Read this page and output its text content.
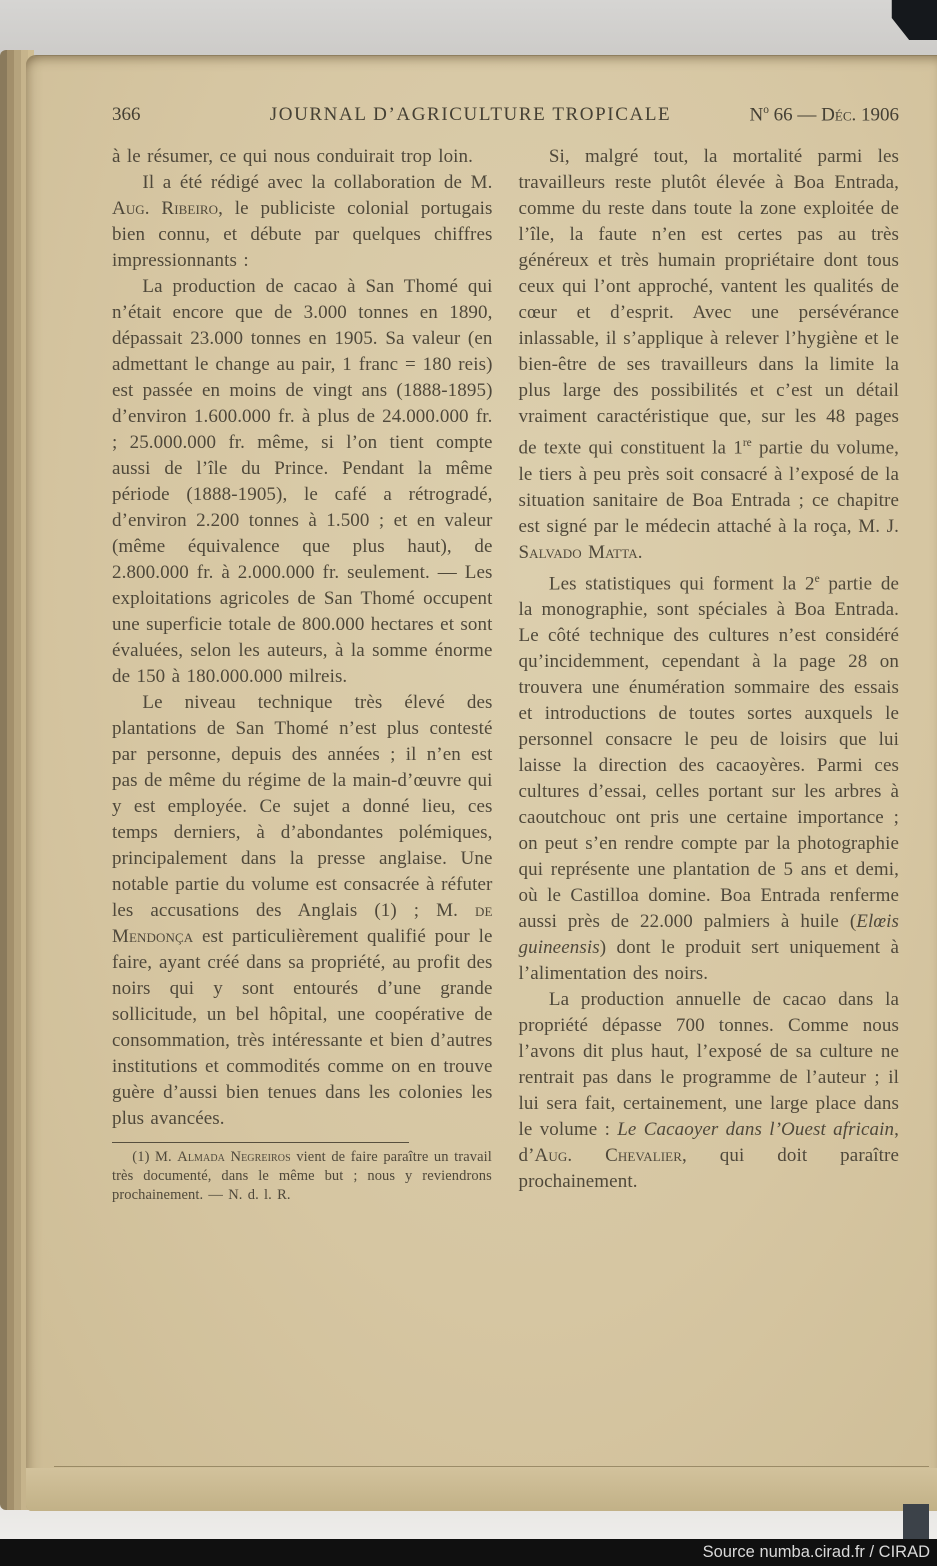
366	JOURNAL D’AGRICULTURE TROPICALE	$N^o$ 66 — Déc. 1906

à le résumer, ce qui nous conduirait trop loin.

Il a été rédigé avec la collaboration de M. Aug. Ribeiro, le publiciste colonial portugais bien connu, et débute par quelques chiffres impressionnants :

La production de cacao à San Thomé qui n’était encore que de 3.000 tonnes en 1890, dépassait 23.000 tonnes en 1905. Sa valeur (en admettant le change au pair, 1 franc = 180 reis) est passée en moins de vingt ans (1888-1895) d’environ 1.600.000 fr. à plus de 24.000.000 fr. ; 25.000.000 fr. même, si l’on tient compte aussi de l’île du Prince. Pendant la même période (1888-1905), le café a rétrogradé, d’environ 2.200 tonnes à 1.500 ; et en valeur (même équivalence que plus haut), de 2.800.000 fr. à 2.000.000 fr. seulement. — Les exploitations agricoles de San Thomé occupent une superficie totale de 800.000 hectares et sont évaluées, selon les auteurs, à la somme énorme de 150 à 180.000.000 milreis.

Le niveau technique très élevé des plantations de San Thomé n’est plus contesté par personne, depuis des années ; il n’en est pas de même du régime de la main-d’œuvre qui y est employée. Ce sujet a donné lieu, ces temps derniers, à d’abondantes polémiques, principalement dans la presse anglaise. Une notable partie du volume est consacrée à réfuter les accusations des Anglais (1) ; M. de Mendonça est particulièrement qualifié pour le faire, ayant créé dans sa propriété, au profit des noirs qui y sont entourés d’une grande sollicitude, un bel hôpital, une coopérative de consommation, très intéressante et bien d’autres institutions et commodités comme on en trouve guère d’aussi bien tenues dans les colonies les plus avancées.

(1) M. Almada Negreiros vient de faire paraître un travail très documenté, dans le même but ; nous y reviendrons prochainement. — N. d. l. R.

Si, malgré tout, la mortalité parmi les travailleurs reste plutôt élevée à Boa Entrada, comme du reste dans toute la zone exploitée de l’île, la faute n’en est certes pas au très généreux et très humain propriétaire dont tous ceux qui l’ont approché, vantent les qualités de cœur et d’esprit. Avec une persévérance inlassable, il s’applique à relever l’hygiène et le bien-être de ses travailleurs dans la limite la plus large des possibilités et c’est un détail vraiment caractéristique que, sur les 48 pages de texte qui constituent la 1re partie du volume, le tiers à peu près soit consacré à l’exposé de la situation sanitaire de Boa Entrada ; ce chapitre est signé par le médecin attaché à la roça, M. J. Salvado Matta.

Les statistiques qui forment la 2e partie de la monographie, sont spéciales à Boa Entrada. Le côté technique des cultures n’est considéré qu’incidemment, cependant à la page 28 on trouvera une énumération sommaire des essais et introductions de toutes sortes auxquels le personnel consacre le peu de loisirs que lui laisse la direction des cacaoyères. Parmi ces cultures d’essai, celles portant sur les arbres à caoutchouc ont pris une certaine importance ; on peut s’en rendre compte par la photographie qui représente une plantation de 5 ans et demi, où le Castilloa domine. Boa Entrada renferme aussi près de 22.000 palmiers à huile (Elœis guineensis) dont le produit sert uniquement à l’alimentation des noirs.

La production annuelle de cacao dans la propriété dépasse 700 tonnes. Comme nous l’avons dit plus haut, l’exposé de sa culture ne rentrait pas dans le programme de l’auteur ; il lui sera fait, certainement, une large place dans le volume : Le Cacaoyer dans l’Ouest africain, d’Aug. Chevalier, qui doit paraître prochainement.

Source numba.cirad.fr / CIRAD
